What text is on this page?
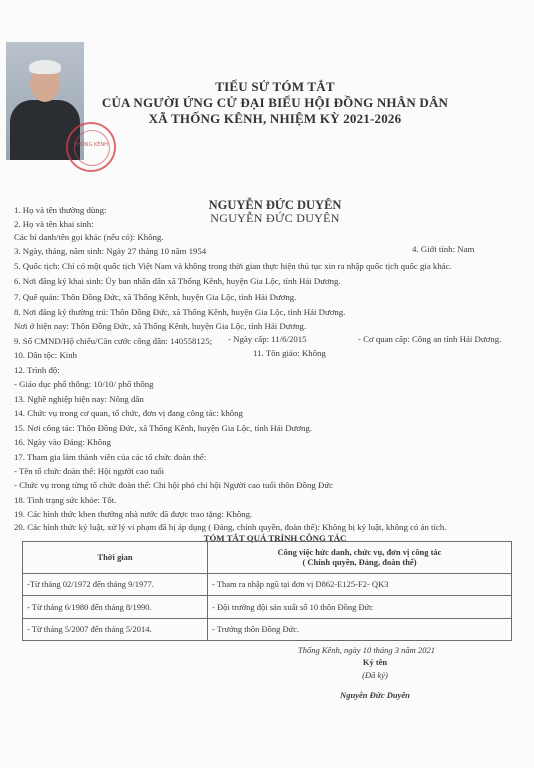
THỐNG KÊNH
TIỂU SỬ TÓM TẮT
CỦA NGƯỜI ỨNG CỬ ĐẠI BIỂU HỘI ĐỒNG NHÂN DÂN
XÃ THỐNG KÊNH, NHIỆM KỲ 2021-2026
NGUYỄN ĐỨC DUYÊN
NGUYỄN ĐỨC DUYÊN
1. Họ và tên thường dùng:
2. Họ và tên khai sinh:
Các bí danh/tên gọi khác (nếu có): Không.
3. Ngày, tháng, năm sinh: Ngày 27 tháng 10 năm 1954	4. Giới tính: Nam
5. Quốc tịch: Chỉ có một quốc tịch Việt Nam và không trong thời gian thực hiện thủ tục xin ra nhập quốc tịch quốc gia khác.
6. Nơi đăng ký khai sinh: Ủy ban nhân dân xã Thống Kênh, huyện Gia Lộc, tỉnh Hải Dương.
7. Quê quán: Thôn Đồng Đức, xã Thống Kênh, huyện Gia Lộc, tỉnh Hải Dương.
8. Nơi đăng ký thường trú: Thôn Đồng Đức, xã Thống Kênh, huyện Gia Lộc, tỉnh Hải Dương.
Nơi ở hiện nay: Thôn Đồng Đức, xã Thống Kênh, huyện Gia Lộc, tỉnh Hải Dương.
9. Số CMND/Hộ chiếu/Căn cước công dân: 140558125; - Ngày cấp: 11/6/2015	- Cơ quan cấp: Công an tỉnh Hải Dương.
10. Dân tộc: Kinh	11. Tôn giáo: Không
12. Trình độ:
- Giáo dục phổ thông: 10/10/ phổ thông
13. Nghề nghiệp hiện nay: Nông dân
14. Chức vụ trong cơ quan, tổ chức, đơn vị đang công tác: không
15. Nơi công tác: Thôn Đồng Đức, xã Thống Kênh, huyện Gia Lộc, tỉnh Hải Dương.
16. Ngày vào Đảng: Không
17. Tham gia làm thành viên của các tổ chức đoàn thể:
- Tên tổ chức đoàn thể: Hội người cao tuổi
- Chức vụ trong từng tổ chức đoàn thể: Chi hội phó chi hội Người cao tuổi thôn Đồng Đức
18. Tình trạng sức khỏe: Tốt.
19. Các hình thức khen thưởng nhà nước đã được trao tặng: Không.
20. Các hình thức kỷ luật, xử lý vi phạm đã bị áp dụng ( Đảng, chính quyền, đoàn thể): Không bị kỷ luật, không có án tích.
TÓM TẮT QUÁ TRÌNH CÔNG TÁC
Thời gian	Công việc hức danh, chức vụ, đơn vị công tác
( Chính quyền, Đảng, đoàn thể)

-Từ tháng 02/1972 đến tháng 9/1977.	- Tham ra nhập ngũ tại đơn vị D862-E125-F2- QK3
- Từ tháng 6/1980 đến tháng 8/1990.	- Đội trưởng đội sản xuất số 10 thôn Đồng Đức
- Từ tháng 5/2007 đến tháng 5/2014.	- Trưởng thôn Đồng Đức.
Thống Kênh, ngày 10 tháng 3 năm 2021
Ký tên
(Đã ký)
Nguyễn Đức Duyên
